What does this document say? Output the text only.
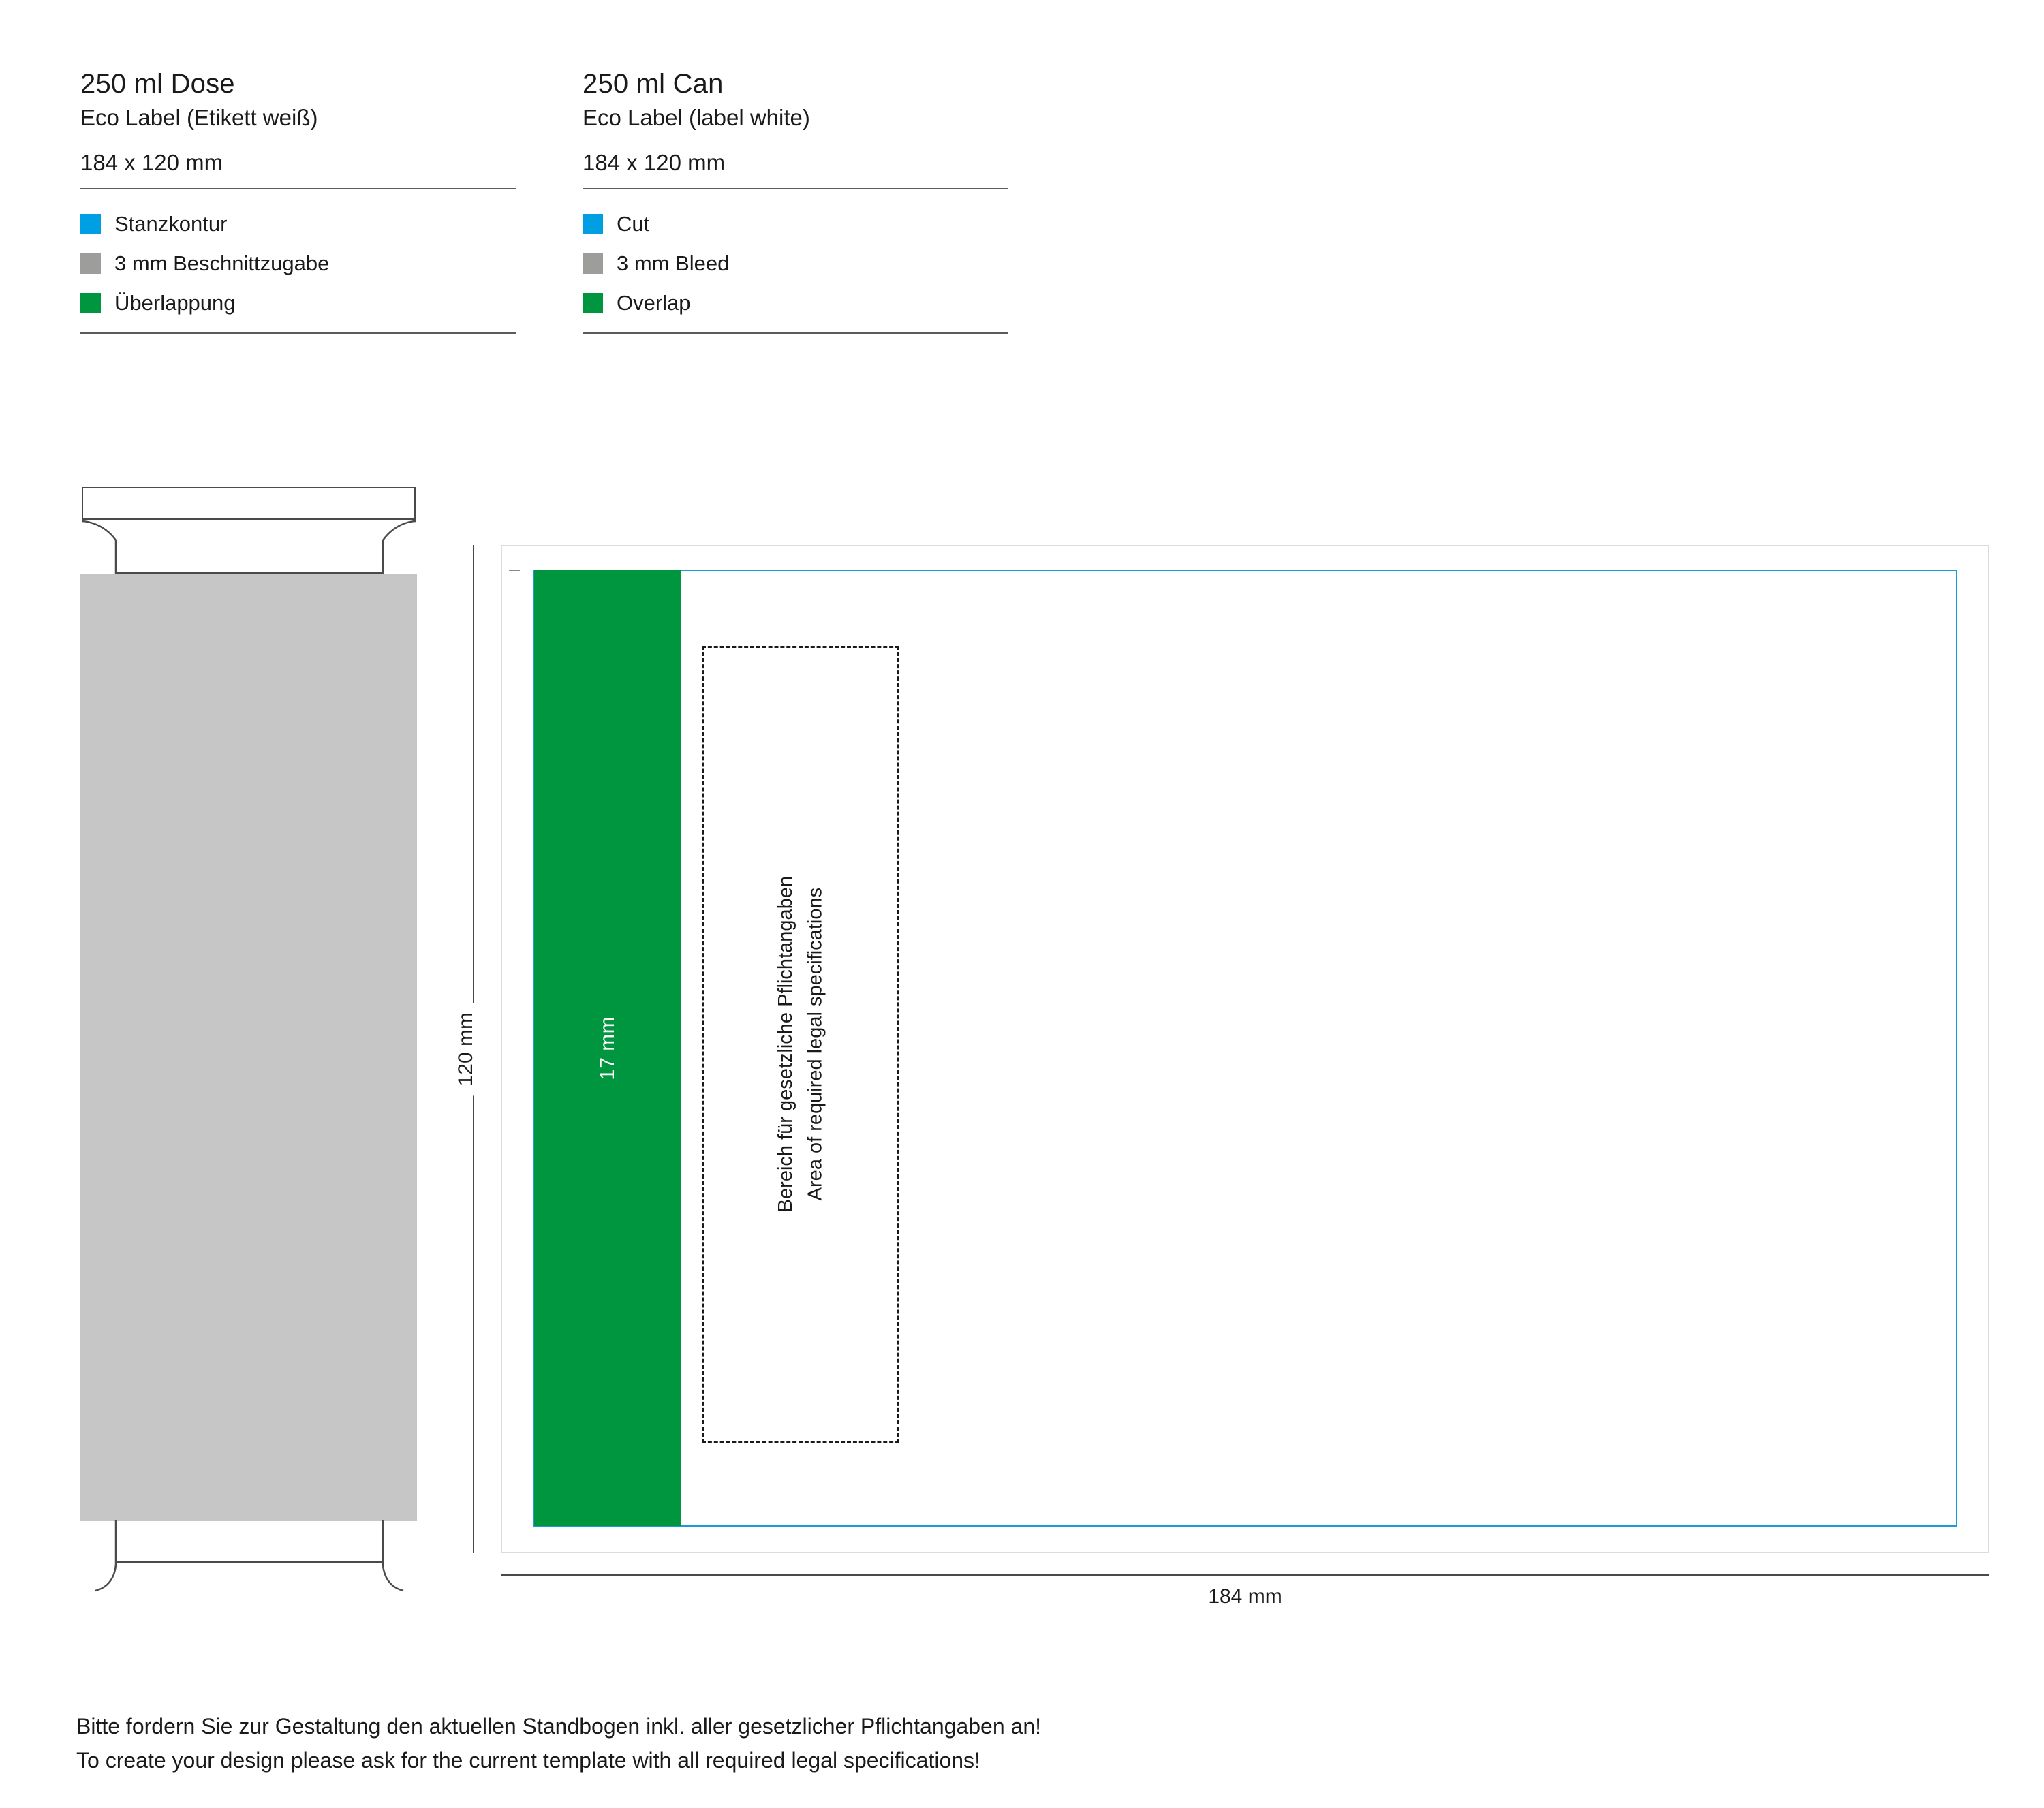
250 ml Dose
Eco Label (Etikett weiß)
184 x 120 mm
Stanzkontur
3 mm Beschnittzugabe
Überlappung
250 ml Can
Eco Label (label white)
184 x 120 mm
Cut
3 mm Bleed
Overlap
17 mm	Bereich für gesetzliche Pflichtangaben Area of required legal specifications
120 mm
184 mm
Bitte fordern Sie zur Gestaltung den aktuellen Standbogen inkl. aller gesetzlicher Pflichtangaben an!
To create your design please ask for the current template with all required legal specifications!
